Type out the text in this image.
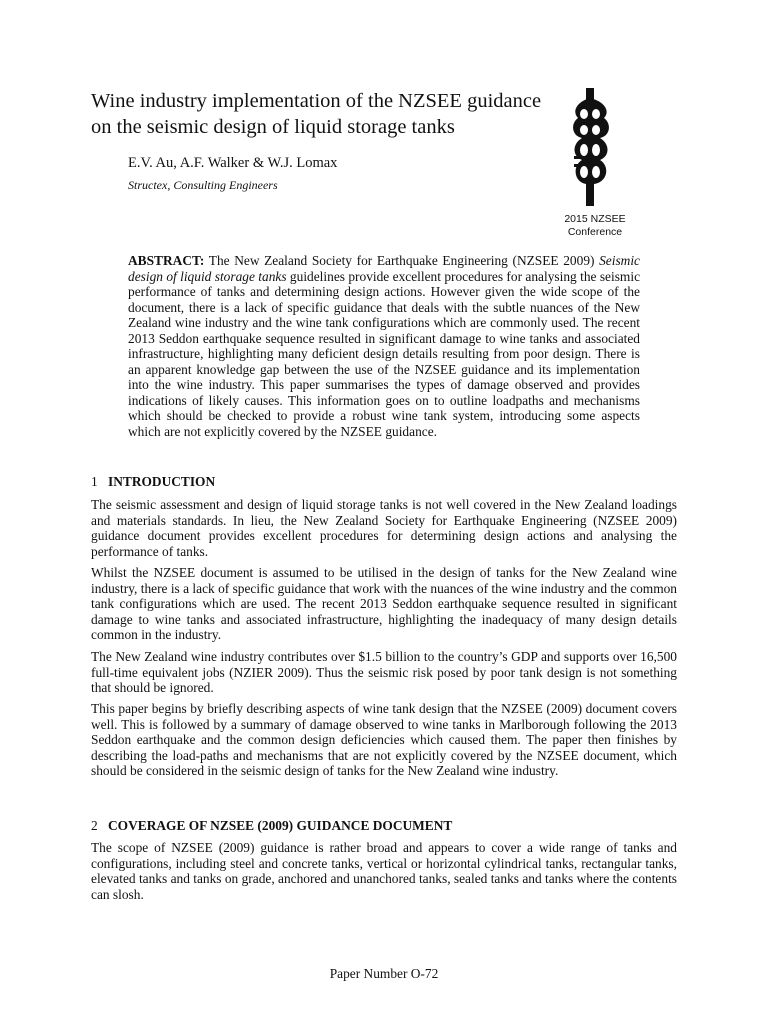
Wine industry implementation of the NZSEE guidance
on the seismic design of liquid storage tanks
E.V. Au, A.F. Walker & W.J. Lomax
Structex, Consulting Engineers
2015 NZSEE
Conference

ABSTRACT: The New Zealand Society for Earthquake Engineering (NZSEE 2009) Seismic design of liquid storage tanks guidelines provide excellent procedures for analysing the seismic performance of tanks and determining design actions. However given the wide scope of the document, there is a lack of specific guidance that deals with the subtle nuances of the New Zealand wine industry and the wine tank configurations which are commonly used. The recent 2013 Seddon earthquake sequence resulted in significant damage to wine tanks and associated infrastructure, highlighting many deficient design details resulting from poor design. There is an apparent knowledge gap between the use of the NZSEE guidance and its implementation into the wine industry. This paper summarises the types of damage observed and provides indications of likely causes. This information goes on to outline loadpaths and mechanisms which should be checked to provide a robust wine tank system, introducing some aspects which are not explicitly covered by the NZSEE guidance.

1 INTRODUCTION

The seismic assessment and design of liquid storage tanks is not well covered in the New Zealand loadings and materials standards. In lieu, the New Zealand Society for Earthquake Engineering (NZSEE 2009) guidance document provides excellent procedures for determining design actions and analysing the performance of tanks.

Whilst the NZSEE document is assumed to be utilised in the design of tanks for the New Zealand wine industry, there is a lack of specific guidance that work with the nuances of the wine industry and the common tank configurations which are used. The recent 2013 Seddon earthquake sequence resulted in significant damage to wine tanks and associated infrastructure, highlighting the inadequacy of many design details common in the industry.

The New Zealand wine industry contributes over $1.5 billion to the country’s GDP and supports over 16,500 full-time equivalent jobs (NZIER 2009). Thus the seismic risk posed by poor tank design is not something that should be ignored.

This paper begins by briefly describing aspects of wine tank design that the NZSEE (2009) document covers well. This is followed by a summary of damage observed to wine tanks in Marlborough following the 2013 Seddon earthquake and the common design deficiencies which caused them. The paper then finishes by describing the load-paths and mechanisms that are not explicitly covered by the NZSEE document, which should be considered in the seismic design of tanks for the New Zealand wine industry.

2 COVERAGE OF NZSEE (2009) GUIDANCE DOCUMENT

The scope of NZSEE (2009) guidance is rather broad and appears to cover a wide range of tanks and configurations, including steel and concrete tanks, vertical or horizontal cylindrical tanks, rectangular tanks, elevated tanks and tanks on grade, anchored and unanchored tanks, sealed tanks and tanks where the contents can slosh.

Paper Number O-72
